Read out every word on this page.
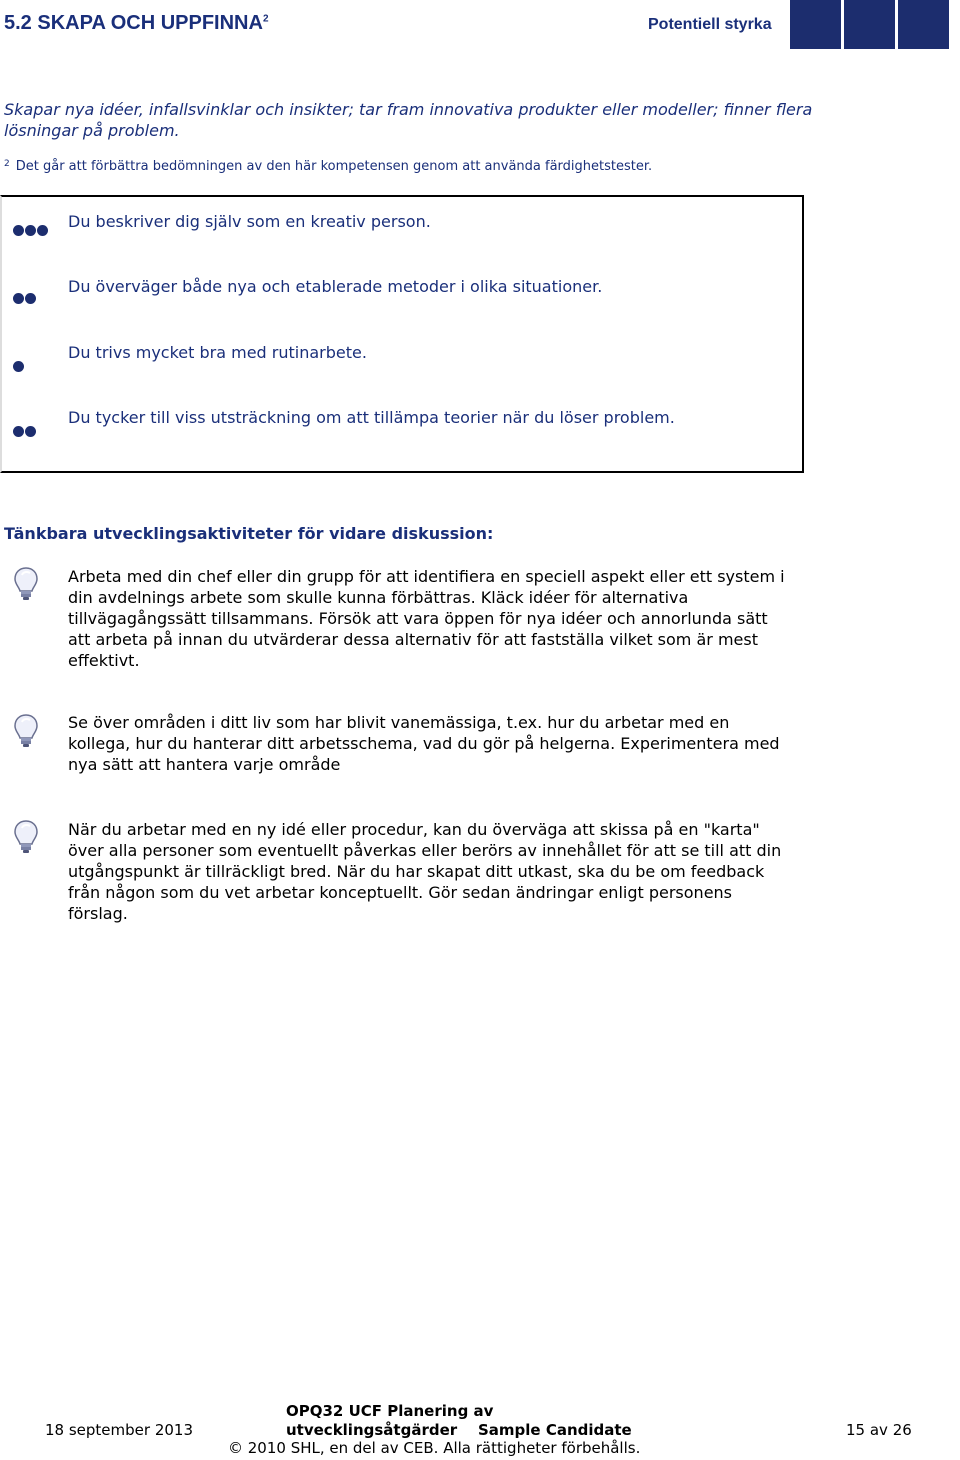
5.2 SKAPA OCH UPPFINNA$^2$	Potentiell styrka
Skapar nya idéer, infallsvinklar och insikter; tar fram innovativa produkter eller modeller; finner flera lösningar på problem.
$^2$ Det går att förbättra bedömningen av den här kompetensen genom att använda färdighetstester.
Du beskriver dig själv som en kreativ person.
Du överväger både nya och etablerade metoder i olika situationer.
Du trivs mycket bra med rutinarbete.
Du tycker till viss utsträckning om att tillämpa teorier när du löser problem.
Tänkbara utvecklingsaktiviteter för vidare diskussion:
Arbeta med din chef eller din grupp för att identifiera en speciell aspekt eller ett system i din avdelnings arbete som skulle kunna förbättras. Kläck idéer för alternativa tillvägagångssätt tillsammans. Försök att vara öppen för nya idéer och annorlunda sätt att arbeta på innan du utvärderar dessa alternativ för att fastställa vilket som är mest effektivt.
Se över områden i ditt liv som har blivit vanemässiga, t.ex. hur du arbetar med en kollega, hur du hanterar ditt arbetsschema, vad du gör på helgerna. Experimentera med nya sätt att hantera varje område
När du arbetar med en ny idé eller procedur, kan du överväga att skissa på en "karta" över alla personer som eventuellt påverkas eller berörs av innehållet för att se till att din utgångspunkt är tillräckligt bred. När du har skapat ditt utkast, ska du be om feedback från någon som du vet arbetar konceptuellt. Gör sedan ändringar enligt personens förslag.
18 september 2013
OPQ32 UCF Planering av
utvecklingsåtgärder	Sample Candidate	15 av 26
© 2010 SHL, en del av CEB. Alla rättigheter förbehålls.
